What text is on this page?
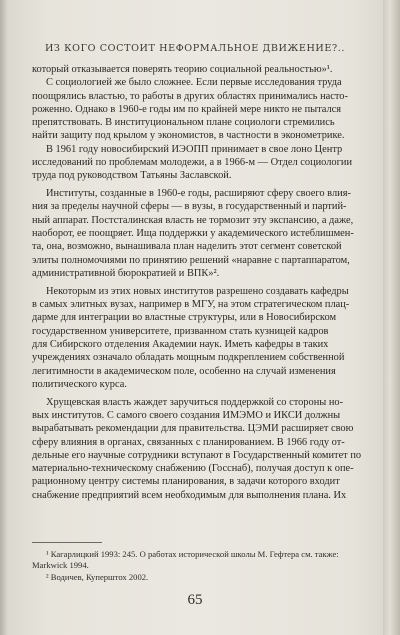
ИЗ КОГО СОСТОИТ НЕФОРМАЛЬНОЕ ДВИЖЕНИЕ?..
который отказывается поверять теорию социальной реальностью»¹.
С социологией же было сложнее. Если первые исследования труда
поощрялись властью, то работы в других областях принимались насто-
роженно. Однако в 1960-е годы им по крайней мере никто не пытался
препятствовать. В институциональном плане социологи стремились
найти защиту под крылом у экономистов, в частности в эконометрике.
В 1961 году новосибирский ИЭОПП принимает в свое лоно Центр
исследований по проблемам молодежи, а в 1966-м — Отдел социологии
труда под руководством Татьяны Заславской.
Институты, созданные в 1960-е годы, расширяют сферу своего влия-
ния за пределы научной сферы — в вузы, в государственный и партий-
ный аппарат. Постсталинская власть не тормозит эту экспансию, а даже,
наоборот, ее поощряет. Ища поддержки у академического истеблишмен-
та, она, возможно, вынашивала план наделить этот сегмент советской
элиты полномочиями по принятию решений «наравне с партаппаратом,
административной бюрократией и ВПК»².
Некоторым из этих новых институтов разрешено создавать кафедры
в самых элитных вузах, например в МГУ, на этом стратегическом плац-
дарме для интеграции во властные структуры, или в Новосибирском
государственном университете, призванном стать кузницей кадров
для Сибирского отделения Академии наук. Иметь кафедры в таких
учреждениях означало обладать мощным подкреплением собственной
легитимности в академическом поле, особенно на случай изменения
политического курса.
Хрущевская власть жаждет заручиться поддержкой со стороны но-
вых институтов. С самого своего создания ИМЭМО и ИКСИ должны
вырабатывать рекомендации для правительства. ЦЭМИ расширяет свою
сферу влияния в органах, связанных с планированием. В 1966 году от-
дельные его научные сотрудники вступают в Государственный комитет по
материально-техническому снабжению (Госснаб), получая доступ к опе-
рационному центру системы планирования, в задачи которого входит
снабжение предприятий всем необходимым для выполнения плана. Их
¹ Кагарлицкий 1993: 245. О работах исторической школы М. Гефтера см. также:
Markwick 1994.
² Водичев, Куперштох 2002.
65
